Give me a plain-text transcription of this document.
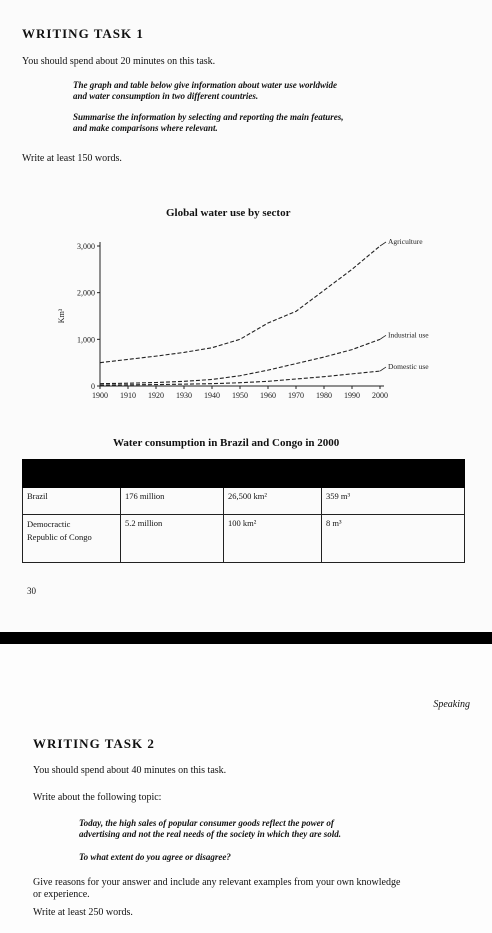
WRITING TASK 1
You should spend about 20 minutes on this task.
The graph and table below give information about water use worldwide
and water consumption in two different countries.
Summarise the information by selecting and reporting the main features,
and make comparisons where relevant.
Write at least 150 words.
Global water use by sector
0
1,000
2,000
3,000
1900 1910 1920 1930 1940 1950 1960 1970 1980 1990 2000
Km³
Agriculture
Industrial use
Domestic use
Water consumption in Brazil and Congo in 2000

Brazil	176 million	26,500 km²	359 m³
Democractic Republic of Congo	5.2 million	100 km²	8 m³
30
Speaking
WRITING TASK 2
You should spend about 40 minutes on this task.
Write about the following topic:
Today, the high sales of popular consumer goods reflect the power of
advertising and not the real needs of the society in which they are sold.
To what extent do you agree or disagree?
Give reasons for your answer and include any relevant examples from your own knowledge
or experience.
Write at least 250 words.
